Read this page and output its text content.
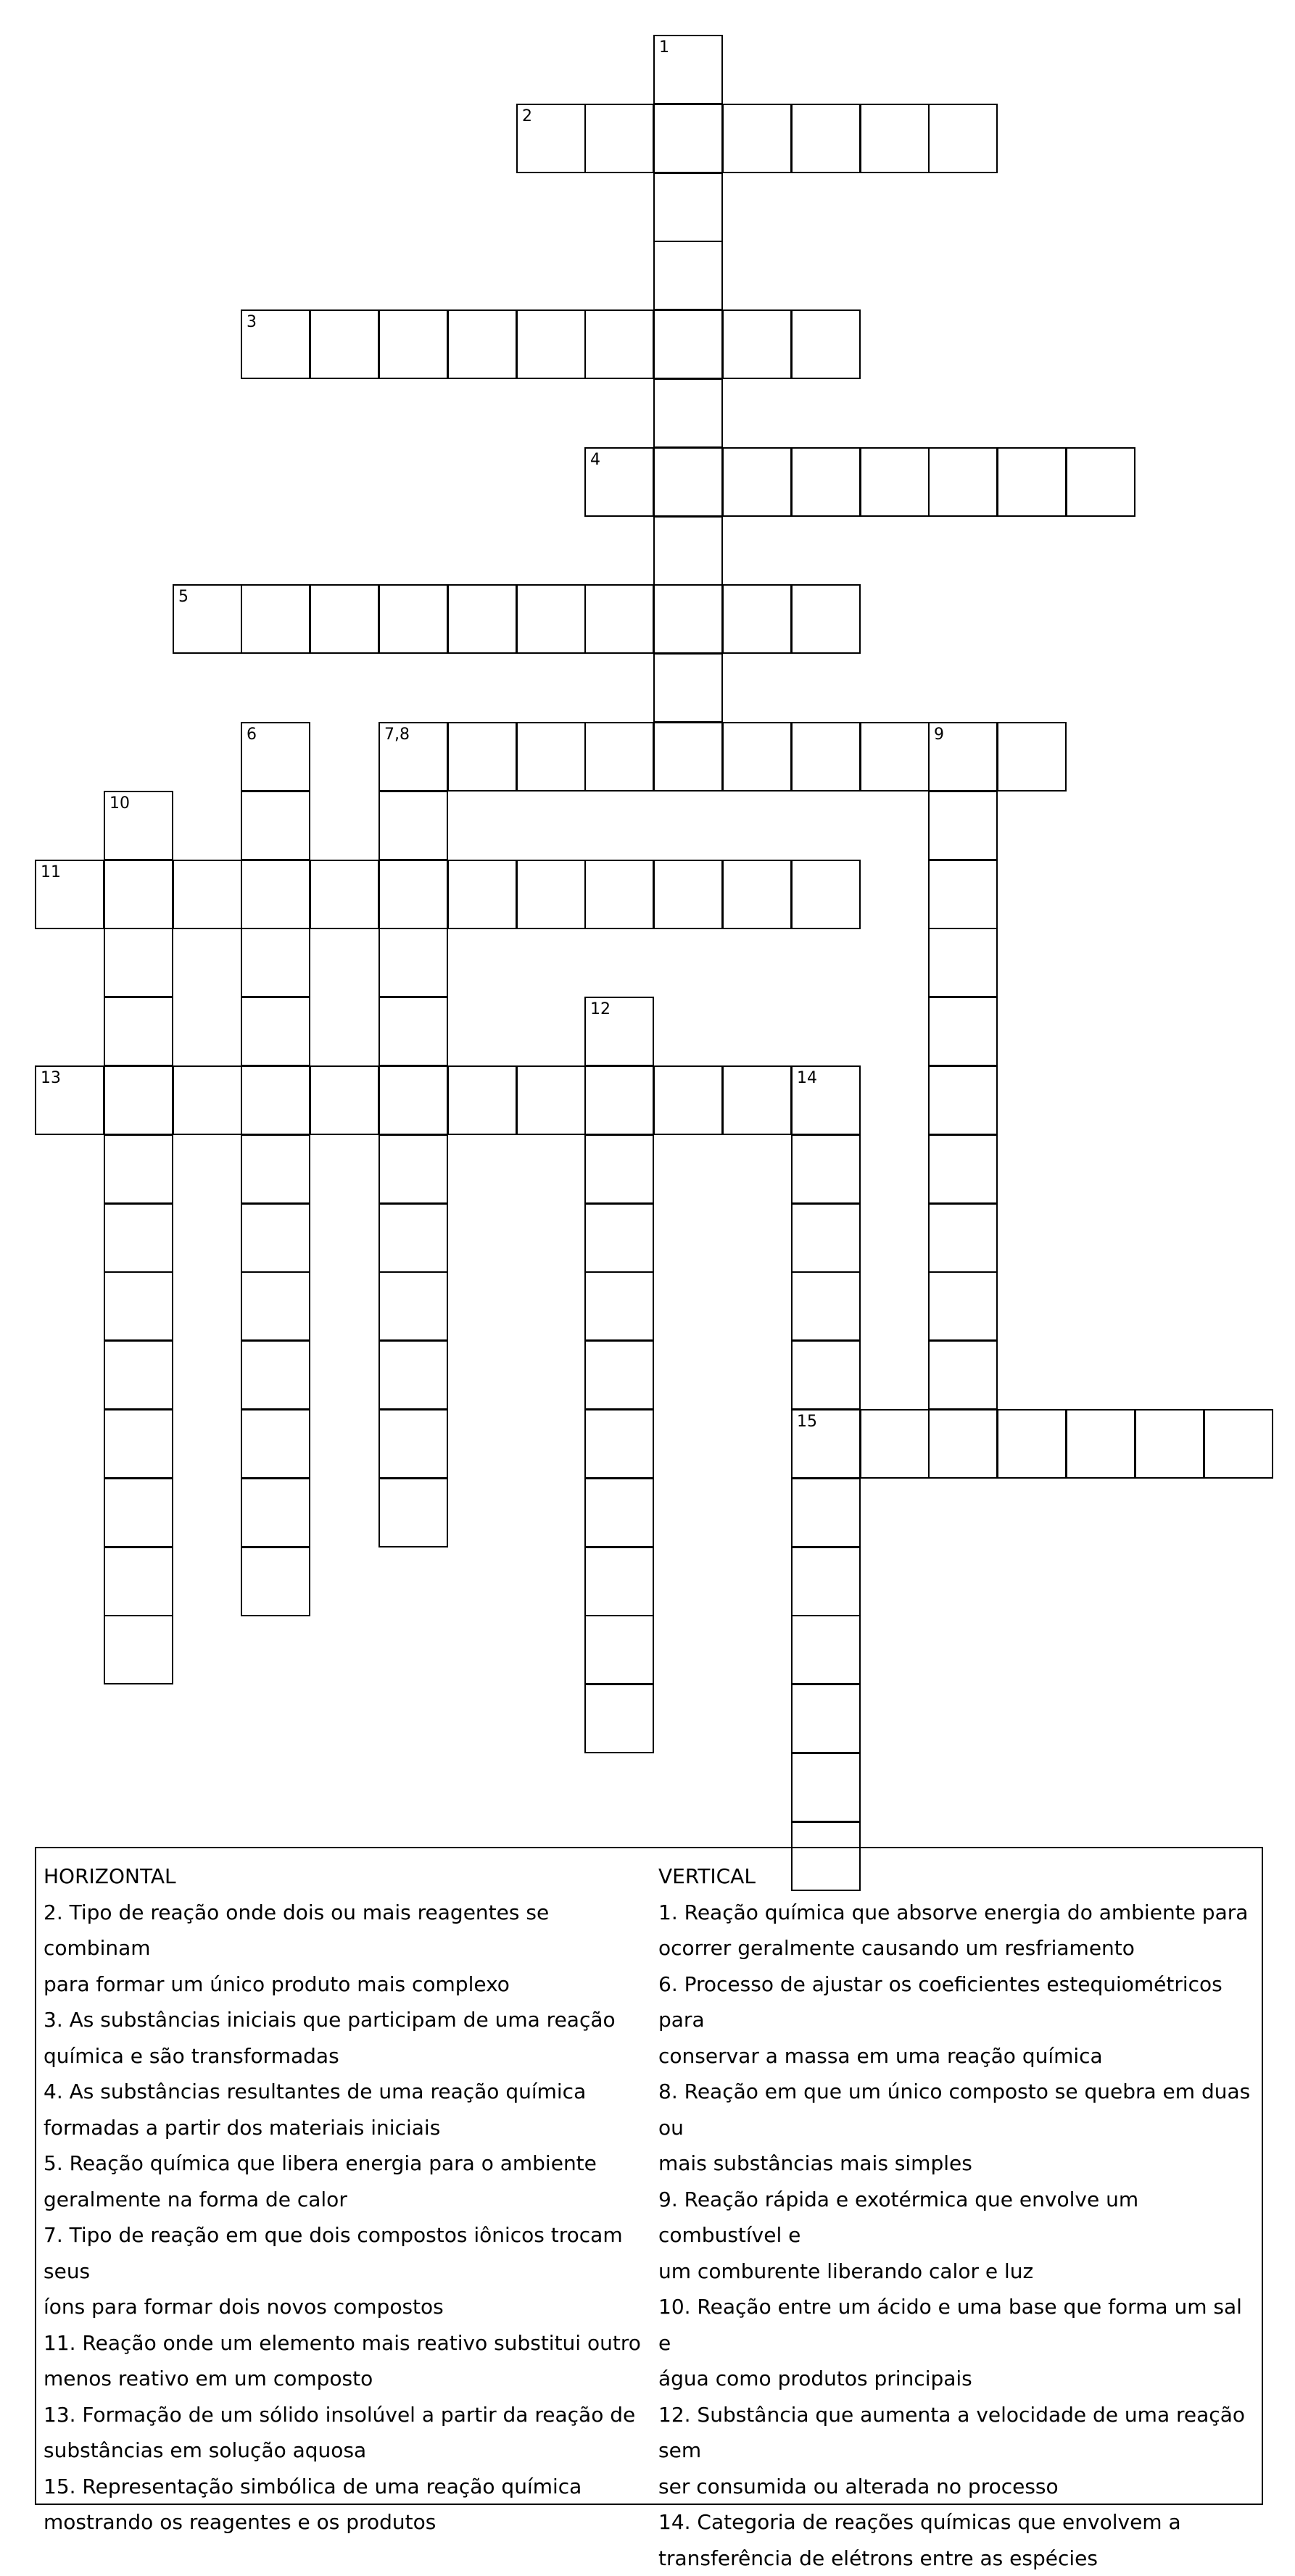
1
2
3
4
5
6	7,8	9
10
11
12
13	14
15
HORIZONTAL
2. Tipo de reação onde dois ou mais reagentes se combinam
para formar um único produto mais complexo
3. As substâncias iniciais que participam de uma reação
química e são transformadas
4. As substâncias resultantes de uma reação química
formadas a partir dos materiais iniciais
5. Reação química que libera energia para o ambiente
geralmente na forma de calor
7. Tipo de reação em que dois compostos iônicos trocam seus
íons para formar dois novos compostos
11. Reação onde um elemento mais reativo substitui outro
menos reativo em um composto
13. Formação de um sólido insolúvel a partir da reação de
substâncias em solução aquosa
15. Representação simbólica de uma reação química
mostrando os reagentes e os produtos
VERTICAL
1. Reação química que absorve energia do ambiente para
ocorrer geralmente causando um resfriamento
6. Processo de ajustar os coeficientes estequiométricos para
conservar a massa em uma reação química
8. Reação em que um único composto se quebra em duas ou
mais substâncias mais simples
9. Reação rápida e exotérmica que envolve um combustível e
um comburente liberando calor e luz
10. Reação entre um ácido e uma base que forma um sal e
água como produtos principais
12. Substância que aumenta a velocidade de uma reação sem
ser consumida ou alterada no processo
14. Categoria de reações químicas que envolvem a
transferência de elétrons entre as espécies
